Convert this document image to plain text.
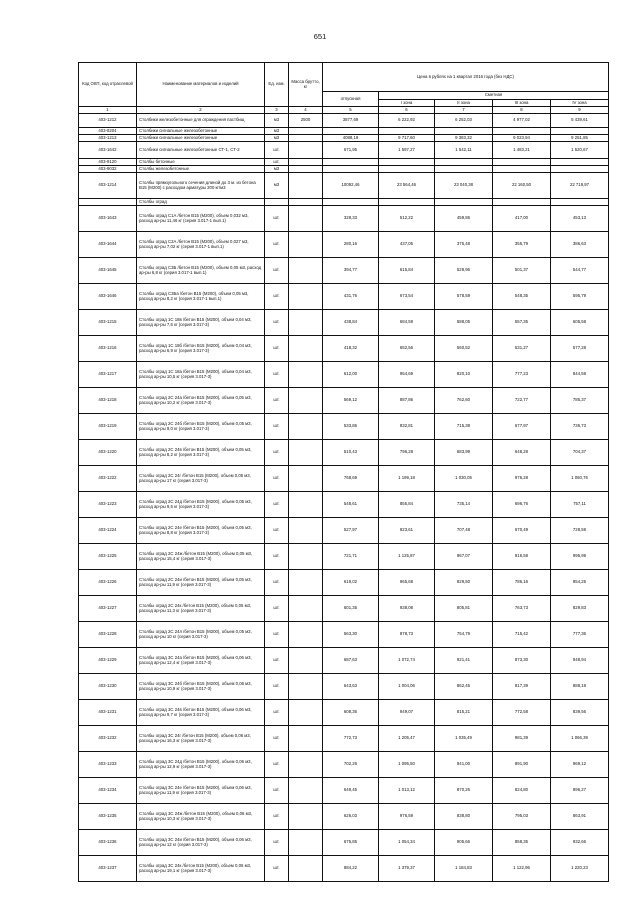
651
Код ОКП, код отраслевой	Наименование материалов и изделий	Ед. изм.	Масса брутто, кг	Цена в рублях на 1 квартал 2016 года (без НДС)				
				отпускная	Сметная			
					I зона	II зона	III зона	IV зона
1	2	3	4	5	6	7	8	9
403-1212	Столбики железобетонные для ограждения пастбищ	м3	2500	3877,69	6 222,92	6 252,03	4 977,02	5 439,61
403-8204	Столбики сигнальные железобетонные	м3						
403-1213	Столбики сигнальные железобетонные	м3		4088,19	9 717,60	9 383,32	9 023,94	9 251,85
403-1642	Столбики сигнальные железобетонные СТ-1, СТ-2	шт.		671,95	1 597,27	1 542,11	1 483,21	1 520,67
403-9120	Столбы бетонные	шт.						
403-9032	Столбы железобетонные	м3						
403-1214	Столбы прямоугольного сечения длиной до 3 м. из бетона В15 (М200) с расходом арматуры 200 кг/м3	м3		10092,46	23 564,46	23 040,38	22 160,50	22 719,97
	Столбы оград							
403-1643	Столбы оград С1А /бетон В15 (М200), объем 0,032 м3, расход ар-ры 11,46 кг (серия 3.017-1 вып.1)	шт.		328,33	512,22	459,86	417,00	453,13
403-1644	Столбы оград С2А /бетон В15 (М200), объем 0,027 м3, расход ар-ры 7,02 кг (серия 3.017-1 вып.1)	шт.		280,16	437,05	375,48	355,79	386,63
403-1645	Столбы оград С3Б /бетон В15 (М200), объем 0,05 м3, расход ар-ры 6,8 кг (серия 3.017-1 вып.1)	шт.		394,77	615,84	528,96	501,37	544,77
403-1646	Столбы оград С3Ба /бетон В15 (М200), объем 0,05 м3, расход ар-ры 8,2 кг (серия 3.017-1 вып.1)	шт.		431,76	673,54	578,59	548,35	595,79
403-1215	Столбы оград 1С 18в /бетон В15 (М200), объем 0,04 м3, расход ар-ры 7,6 кг (серия 3.017-3)	шт.		438,84	684,59	588,05	557,35	605,58
403-1216	Столбы оград 1С 18б /бетон В15 (М200), объем 0,04 м3, расход ар-ры 6,9 кг (серия 3.017-3)	шт.		418,32	652,56	560,52	531,27	577,28
403-1217	Столбы оград 1С 18а /бетон В15 (М200), объем 0,04 м3, расход ар-ры 10,5 кг (серия 3.017-3)	шт.		612,00	954,69	820,10	777,23	844,59
403-1218	Столбы оград 2С 24а /бетон В15 (М200), объем 0,05 м3, расход ар-ры 10,2 кг (серия 3.017-3)	шт.		569,12	887,86	762,60	722,77	785,37
403-1219	Столбы оград 2С 24б /бетон В15 (М200), объем 0,05 м3, расход ар-ры 9,0 кг (серия 3.017-3)	шт.		533,86	832,81	715,38	677,97	736,73
403-1220	Столбы оград 2С 24в /бетон В15 (М200), объем 0,05 м3, расход ар-ры 8,2 кг (серия 3.017-3)	шт.		510,43	796,28	683,99	648,28	704,37
403-1222	Столбы оград 2С 24г /бетон В15 (М200), объем 0,05 м3, расход ар-ры 17 кг (серия 3.017-3)	шт.		768,69	1 199,18	1 030,05	976,28	1 060,76
403-1223	Столбы оград 2С 24д /бетон В15 (М200), объем 0,05 м3, расход ар-ры 9,5 кг (серия 3.017-3)	шт.		548,61	855,84	735,14	696,76	757,11
403-1224	Столбы оград 2С 24е /бетон В15 (М200), объем 0,05 м3, расход ар-ры 8,8 кг (серия 3.017-3)	шт.		527,97	823,61	707,48	670,49	728,59
403-1225	Столбы оград 2С 24ж /бетон В15 (М200), объем 0,05 м3, расход ар-ры 15,4 кг (серия 3.017-3)	шт.		721,71	1 125,87	967,07	916,58	995,99
403-1226	Столбы оград 2С 24и /бетон В15 (М200), объем 0,05 м3, расход ар-ры 11,9 кг (серия 3.017-3)	шт.		619,02	965,68	829,50	786,16	854,25
403-1227	Столбы оград 2С 24к /бетон В15 (М200), объем 0,05 м3, расход ар-ры 11,3 кг (серия 3.017-3)	шт.		601,35	938,08	805,81	763,73	829,83
403-1228	Столбы оград 2С 24л /бетон В15 (М200), объем 0,05 м3, расход ар-ры 10 кг (серия 3.017-3)	шт.		563,30	878,73	754,79	715,42	777,36
403-1229	Столбы оград 3С 24а /бетон В15 (М200), объем 0,06 м3, расход ар-ры 12,4 кг (серия 3.017-3)	шт.		687,63	1 072,74	921,41	873,30	948,94
403-1230	Столбы оград 3С 24б /бетон В15 (М200), объем 0,06 м3, расход ар-ры 10,9 кг (серия 3.017-3)	шт.		643,63	1 004,06	862,45	817,39	888,19
403-1231	Столбы оград 3С 24в /бетон В15 (М200), объем 0,06 м3, расход ар-ры 9,7 кг (серия 3.017-3)	шт.		608,36	949,07	815,21	772,58	839,56
403-1232	Столбы оград 3С 24г /бетон В15 (М200), объем 0,06 м3, расход ар-ры 16,3 кг (серия 3.017-3)	шт.		772,73	1 205,47	1 035,49	981,39	1 066,39
403-1233	Столбы оград 3С 24д /бетон В15 (М200), объем 0,06 м3, расход ар-ры 12,9 кг (серия 3.017-3)	шт.		702,26	1 095,50	941,00	891,90	969,12
403-1234	Столбы оград 3С 24е /бетон В15 (М200), объем 0,06 м3, расход ар-ры 11,9 кг (серия 3.017-3)	шт.		649,45	1 013,12	870,26	824,80	896,27
403-1235	Столбы оград 3С 24ж /бетон В15 (М200), объем 0,06 м3, расход ар-ры 10,3 кг (серия 3.017-3)	шт.		626,03	976,59	838,80	795,03	863,91
403-1236	Столбы оград 3С 24и /бетон В15 (М200), объем 0,06 м3, расход ар-ры 12 кг (серия 3.017-3)	шт.		675,85	1 054,34	905,66	858,35	932,66
403-1237	Столбы оград 3С 24к /бетон В15 (М200), объем 0,06 м3, расход ар-ры 19,1 кг (серия 3.017-3)	шт.		884,22	1 379,37	1 184,83	1 122,96	1 220,23
